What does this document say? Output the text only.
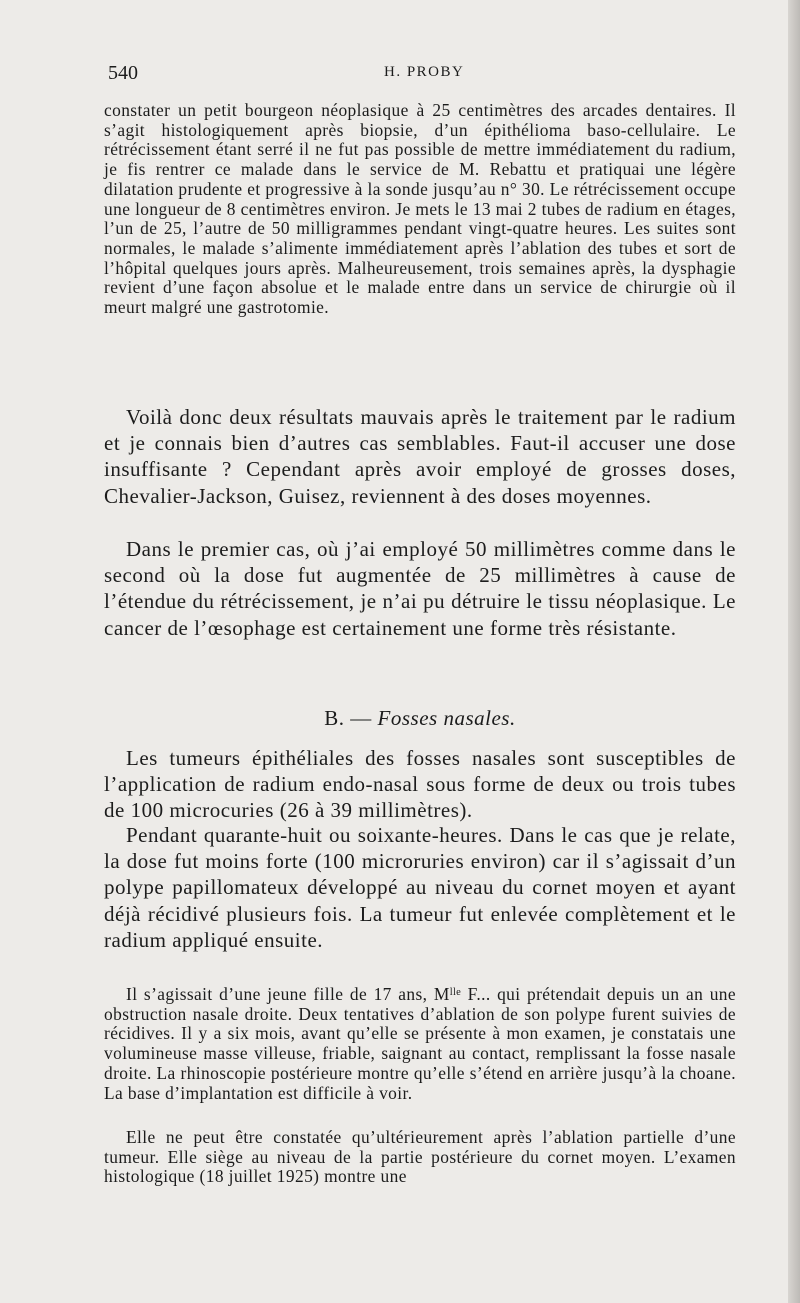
540	H. PROBY

constater un petit bourgeon néoplasique à 25 centimètres des arcades dentaires. Il s’agit histologiquement après biopsie, d’un épithélioma baso-cellulaire. Le rétrécissement étant serré il ne fut pas possible de mettre immédiatement du radium, je fis rentrer ce malade dans le service de M. Rebattu et pratiquai une légère dilatation prudente et progressive à la sonde jusqu’au n° 30. Le rétrécissement occupe une longueur de 8 centimètres environ. Je mets le 13 mai 2 tubes de radium en étages, l’un de 25, l’autre de 50 milligrammes pendant vingt-quatre heures. Les suites sont normales, le malade s’alimente immédiatement après l’ablation des tubes et sort de l’hôpital quelques jours après. Malheureusement, trois semaines après, la dysphagie revient d’une façon absolue et le malade entre dans un service de chirurgie où il meurt malgré une gastrotomie.

Voilà donc deux résultats mauvais après le traitement par le radium et je connais bien d’autres cas semblables. Faut-il accuser une dose insuffisante ? Cependant après avoir employé de grosses doses, Chevalier-Jackson, Guisez, reviennent à des doses moyennes.

Dans le premier cas, où j’ai employé 50 millimètres comme dans le second où la dose fut augmentée de 25 millimètres à cause de l’étendue du rétrécissement, je n’ai pu détruire le tissu néoplasique. Le cancer de l’œsophage est certainement une forme très résistante.

B. — Fosses nasales.

Les tumeurs épithéliales des fosses nasales sont susceptibles de l’application de radium endo-nasal sous forme de deux ou trois tubes de 100 microcuries (26 à 39 millimètres).

Pendant quarante-huit ou soixante-heures. Dans le cas que je relate, la dose fut moins forte (100 microruries environ) car il s’agissait d’un polype papillomateux développé au niveau du cornet moyen et ayant déjà récidivé plusieurs fois. La tumeur fut enlevée complètement et le radium appliqué ensuite.

Il s’agissait d’une jeune fille de 17 ans, Mˡˡᵉ F... qui prétendait depuis un an une obstruction nasale droite. Deux tentatives d’ablation de son polype furent suivies de récidives. Il y a six mois, avant qu’elle se présente à mon examen, je constatais une volumineuse masse villeuse, friable, saignant au contact, remplissant la fosse nasale droite. La rhinoscopie postérieure montre qu’elle s’étend en arrière jusqu’à la choane. La base d’implantation est difficile à voir.

Elle ne peut être constatée qu’ultérieurement après l’ablation partielle d’une tumeur. Elle siège au niveau de la partie postérieure du cornet moyen. L’examen histologique (18 juillet 1925) montre une
